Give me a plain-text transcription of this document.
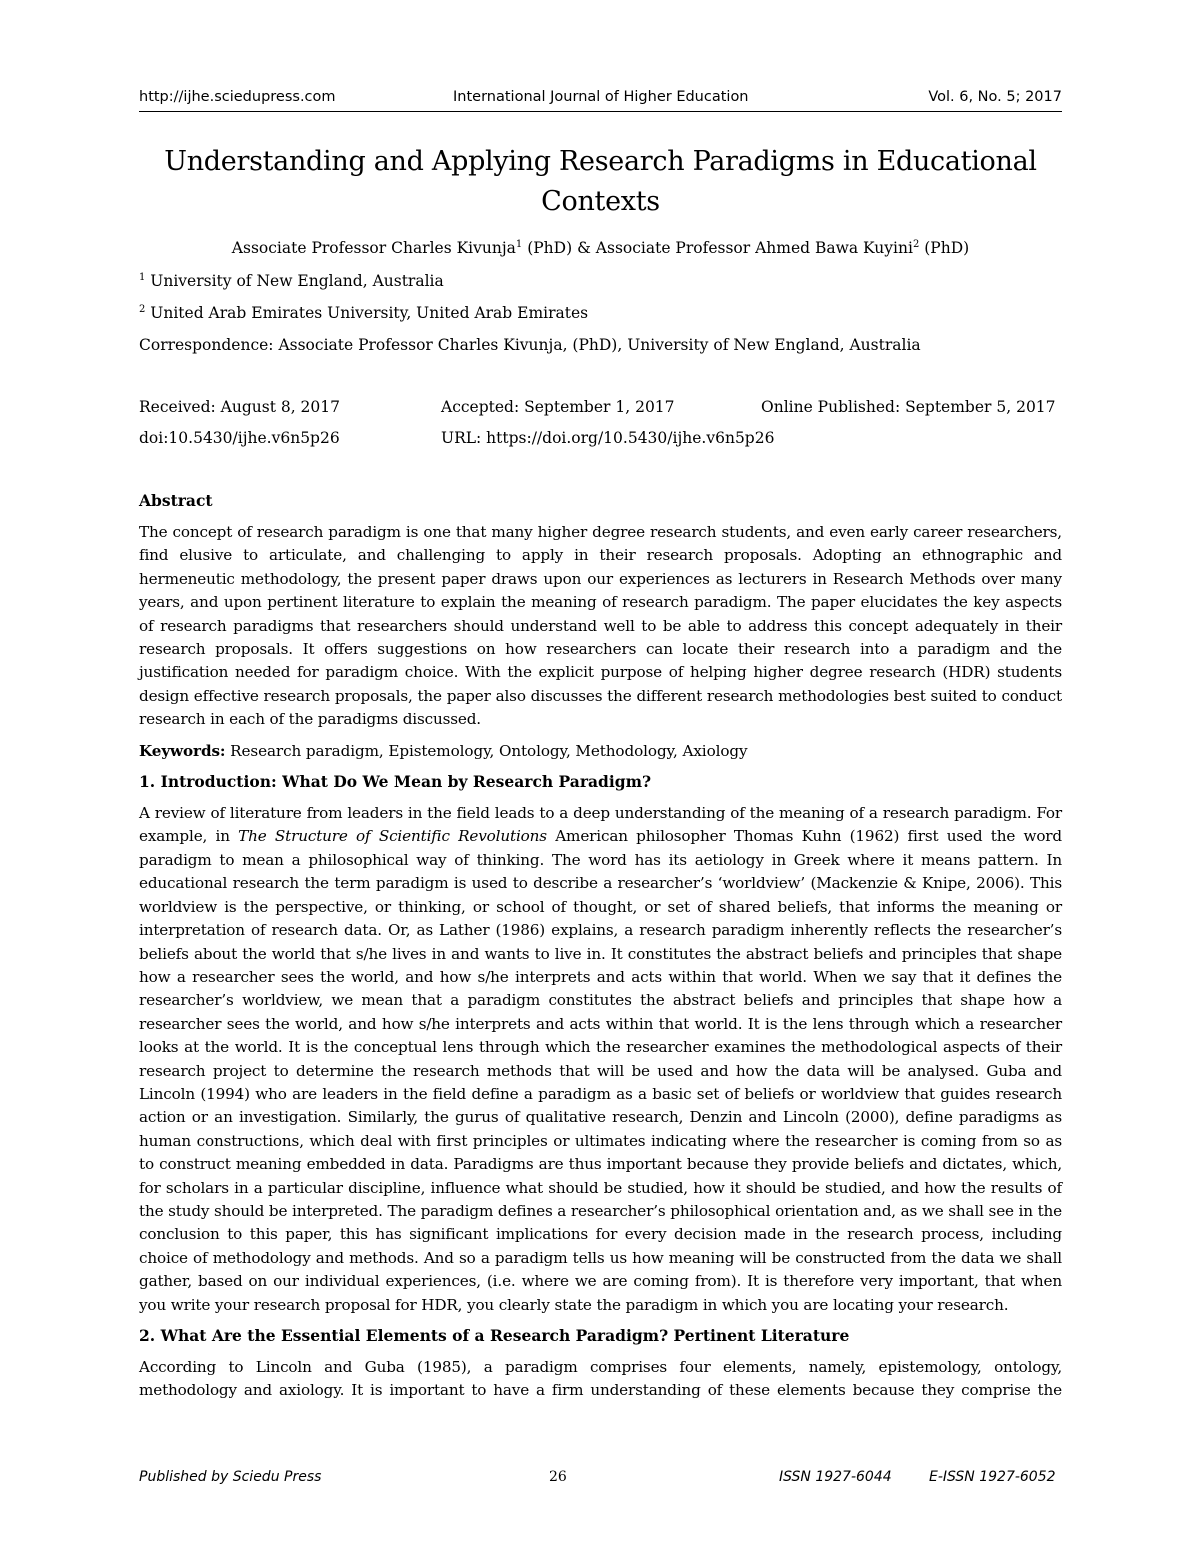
http://ijhe.sciedupress.com	International Journal of Higher Education	Vol. 6, No. 5; 2017
Understanding and Applying Research Paradigms in Educational
Contexts
Associate Professor Charles Kivunja$^1$ (PhD) & Associate Professor Ahmed Bawa Kuyini$^2$ (PhD)
$^1$ University of New England, Australia
$^2$ United Arab Emirates University, United Arab Emirates
Correspondence: Associate Professor Charles Kivunja, (PhD), University of New England, Australia
Received: August 8, 2017	Accepted: September 1, 2017	Online Published: September 5, 2017
doi:10.5430/ijhe.v6n5p26	URL: https://doi.org/10.5430/ijhe.v6n5p26
Abstract

The concept of research paradigm is one that many higher degree research students, and even early career researchers, find elusive to articulate, and challenging to apply in their research proposals. Adopting an ethnographic and hermeneutic methodology, the present paper draws upon our experiences as lecturers in Research Methods over many years, and upon pertinent literature to explain the meaning of research paradigm. The paper elucidates the key aspects of research paradigms that researchers should understand well to be able to address this concept adequately in their research proposals. It offers suggestions on how researchers can locate their research into a paradigm and the justification needed for paradigm choice. With the explicit purpose of helping higher degree research (HDR) students design effective research proposals, the paper also discusses the different research methodologies best suited to conduct research in each of the paradigms discussed.

Keywords: Research paradigm, Epistemology, Ontology, Methodology, Axiology

1. Introduction: What Do We Mean by Research Paradigm?

A review of literature from leaders in the field leads to a deep understanding of the meaning of a research paradigm. For example, in The Structure of Scientific Revolutions American philosopher Thomas Kuhn (1962) first used the word paradigm to mean a philosophical way of thinking. The word has its aetiology in Greek where it means pattern. In educational research the term paradigm is used to describe a researcher’s ‘worldview’ (Mackenzie & Knipe, 2006). This worldview is the perspective, or thinking, or school of thought, or set of shared beliefs, that informs the meaning or interpretation of research data. Or, as Lather (1986) explains, a research paradigm inherently reflects the researcher’s beliefs about the world that s/he lives in and wants to live in. It constitutes the abstract beliefs and principles that shape how a researcher sees the world, and how s/he interprets and acts within that world. When we say that it defines the researcher’s worldview, we mean that a paradigm constitutes the abstract beliefs and principles that shape how a researcher sees the world, and how s/he interprets and acts within that world. It is the lens through which a researcher looks at the world. It is the conceptual lens through which the researcher examines the methodological aspects of their research project to determine the research methods that will be used and how the data will be analysed. Guba and Lincoln (1994) who are leaders in the field define a paradigm as a basic set of beliefs or worldview that guides research action or an investigation. Similarly, the gurus of qualitative research, Denzin and Lincoln (2000), define paradigms as human constructions, which deal with first principles or ultimates indicating where the researcher is coming from so as to construct meaning embedded in data. Paradigms are thus important because they provide beliefs and dictates, which, for scholars in a particular discipline, influence what should be studied, how it should be studied, and how the results of the study should be interpreted. The paradigm defines a researcher’s philosophical orientation and, as we shall see in the conclusion to this paper, this has significant implications for every decision made in the research process, including choice of methodology and methods. And so a paradigm tells us how meaning will be constructed from the data we shall gather, based on our individual experiences, (i.e. where we are coming from). It is therefore very important, that when you write your research proposal for HDR, you clearly state the paradigm in which you are locating your research.

2. What Are the Essential Elements of a Research Paradigm? Pertinent Literature

According to Lincoln and Guba (1985), a paradigm comprises four elements, namely, epistemology, ontology, methodology and axiology. It is important to have a firm understanding of these elements because they comprise the

Published by Sciedu Press	26	ISSN 1927-6044	E-ISSN 1927-6052
